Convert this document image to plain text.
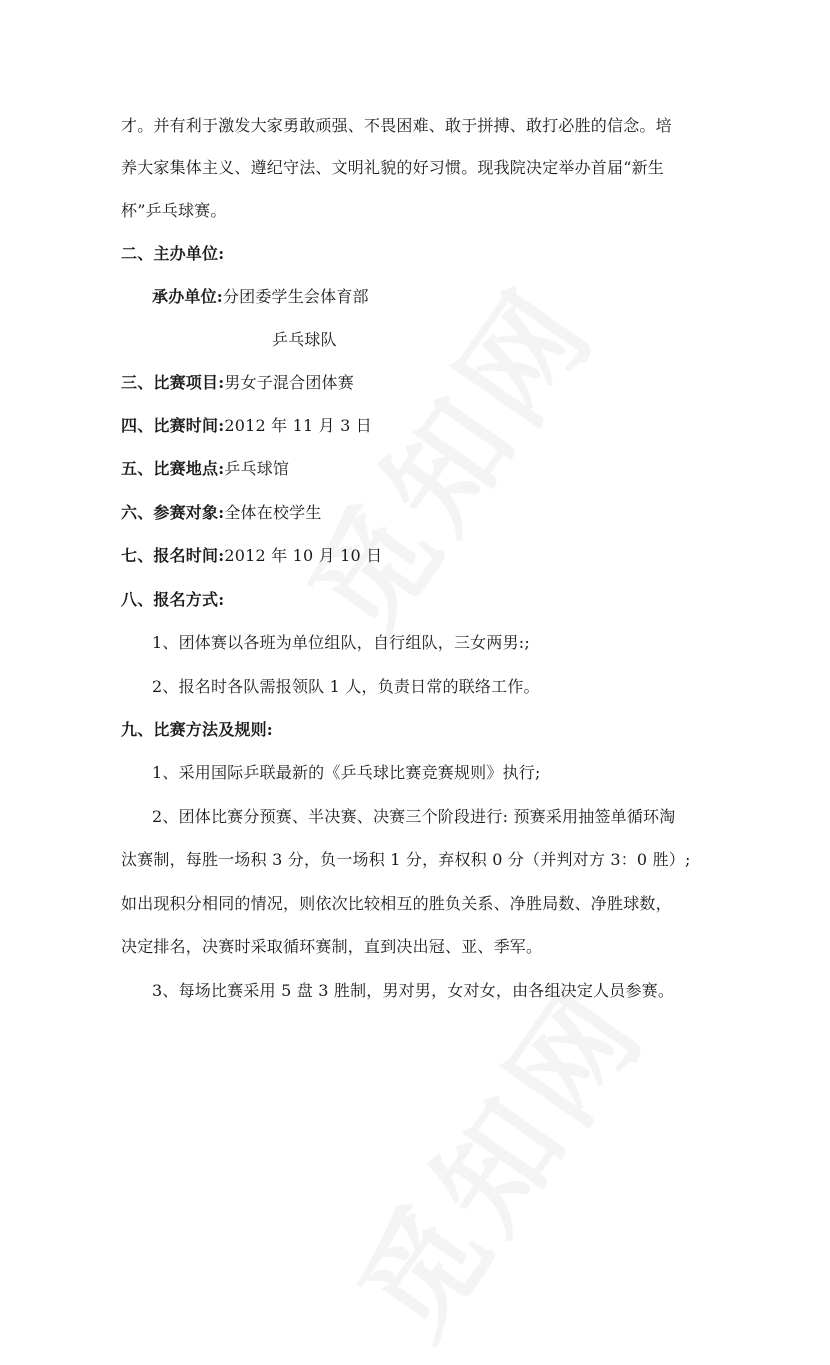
才。并有利于激发大家勇敢顽强、不畏困难、敢于拼搏、敢打必胜的信念。培
养大家集体主义、遵纪守法、文明礼貌的好习惯。现我院决定举办首届“新生
杯”乒乓球赛。
二、主办单位:
承办单位:分团委学生会体育部
乒乓球队
三、比赛项目:男女子混合团体赛
四、比赛时间:2012 年 11 月 3 日
五、比赛地点:乒乓球馆
六、参赛对象:全体在校学生
七、报名时间:2012 年 10 月 10 日
八、报名方式:
1、团体赛以各班为单位组队，自行组队，三女两男:;
2、报名时各队需报领队 1 人，负责日常的联络工作。
九、比赛方法及规则:
1、采用国际乒联最新的《乒乓球比赛竞赛规则》执行;
2、团体比赛分预赛、半决赛、决赛三个阶段进行: 预赛采用抽签单循环淘
汰赛制，每胜一场积 3 分，负一场积 1 分，弃权积 0 分（并判对方 3：0 胜）;
如出现积分相同的情况，则依次比较相互的胜负关系、净胜局数、净胜球数，
决定排名，决赛时采取循环赛制，直到决出冠、亚、季军。
3、每场比赛采用 5 盘 3 胜制，男对男，女对女，由各组决定人员参赛。
